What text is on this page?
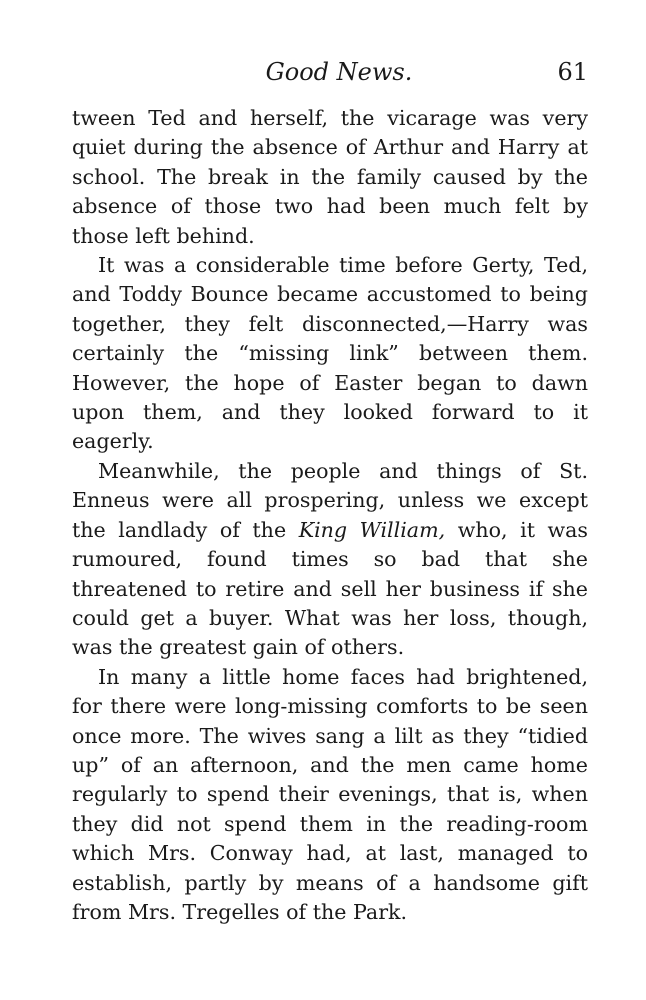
Good News.	61

tween Ted and herself, the vicarage was very quiet during the absence of Arthur and Harry at school. The break in the family caused by the absence of those two had been much felt by those left behind.

It was a considerable time before Gerty, Ted, and Toddy Bounce became accustomed to being together, they felt disconnected,—Harry was certainly the “missing link” between them. However, the hope of Easter began to dawn upon them, and they looked forward to it eagerly.

Meanwhile, the people and things of St. Enneus were all prospering, unless we except the landlady of the King William, who, it was rumoured, found times so bad that she threatened to retire and sell her business if she could get a buyer. What was her loss, though, was the greatest gain of others.

In many a little home faces had brightened, for there were long-missing comforts to be seen once more. The wives sang a lilt as they “tidied up” of an afternoon, and the men came home regularly to spend their evenings, that is, when they did not spend them in the reading-room which Mrs. Conway had, at last, managed to establish, partly by means of a handsome gift from Mrs. Tregelles of the Park.
